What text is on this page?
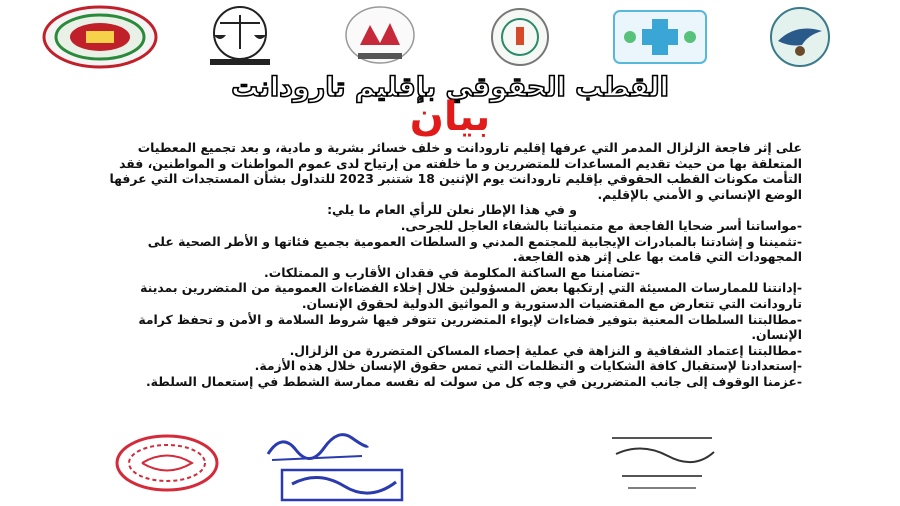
القطب الحقوقي بإقليم تارودانت
بيان

على إثر فاجعة الزلزال المدمر التي عرفها إقليم تارودانت و خلف خسائر بشرية و مادية، و بعد تجميع المعطيات المتعلقة بها من حيث تقديم المساعدات للمتضررين و ما خلفته من إرتياح لدى عموم المواطنات و المواطنين، فقد التأمت مكونات القطب الحقوقي بإقليم تارودانت يوم الإثنين 18 شتنبر 2023 للتداول بشأن المستجدات التي عرفها الوضع الإنساني و الأمني بالإقليم.

و في هذا الإطار نعلن للرأي العام ما يلي:

-مواساتنا أسر ضحايا الفاجعة مع متمنياتنا بالشفاء العاجل للجرحى.

-تثميننا و إشادتنا بالمبادرات الإيجابية للمجتمع المدني و السلطات العمومية بجميع فئاتها و الأطر الصحية على المجهودات التي قامت بها على إثر هذه الفاجعة.

-تضامننا مع الساكنة المكلومة في فقدان الأقارب و الممتلكات.

-إدانتنا للممارسات المسيئة التي إرتكبها بعض المسؤولين خلال إخلاء الفضاءات العمومية من المتضررين بمدينة تارودانت التي تتعارض مع المقتضيات الدستورية و المواثيق الدولية لحقوق الإنسان.

-مطالبتنا السلطات المعنية بتوفير فضاءات لإيواء المتضررين تتوفر فيها شروط السلامة و الأمن و تحفظ كرامة الإنسان.

-مطالبتنا إعتماد الشفافية و النزاهة في عملية إحصاء المساكن المتضررة من الزلزال.

-إستعدادنا لإستقبال كافة الشكايات و التظلمات التي تمس حقوق الإنسان خلال هذه الأزمة.

-عزمنا الوقوف إلى جانب المتضررين في وجه كل من سولت له نفسه ممارسة الشطط في إستعمال السلطة.
